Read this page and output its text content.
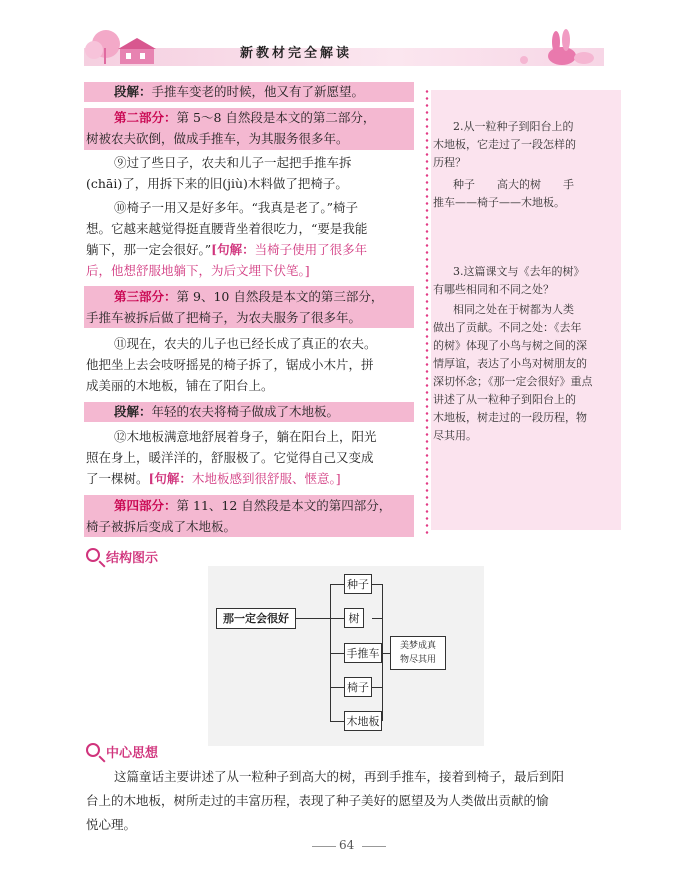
新教材完全解读
2.从一粒种子到阳台上的
木地板，它走过了一段怎样的
历程？
种子　　高大的树　　手
推车——椅子——木地板。
3.这篇课文与《去年的树》
有哪些相同和不同之处？
相同之处在于树都为人类
做出了贡献。不同之处：《去年
的树》体现了小鸟与树之间的深
情厚谊，表达了小鸟对树朋友的
深切怀念；《那一定会很好》重点
讲述了从一粒种子到阳台上的
木地板，树走过的一段历程，物
尽其用。
段解：手推车变老的时候，他又有了新愿望。
第二部分：第 5～8 自然段是本文的第二部分，
树被农夫砍倒，做成手推车，为其服务很多年。
⑨过了些日子，农夫和儿子一起把手推车拆
(chāi)了，用拆下来的旧(jiù)木料做了把椅子。
⑩椅子一用又是好多年。“我真是老了。”椅子
想。它越来越觉得挺直腰背坐着很吃力，“要是我能
躺下，那一定会很好。”[句解：当椅子使用了很多年
后，他想舒服地躺下，为后文埋下伏笔。]
第三部分：第 9、10 自然段是本文的第三部分，
手推车被拆后做了把椅子，为农夫服务了很多年。
⑪现在，农夫的儿子也已经长成了真正的农夫。
他把坐上去会吱呀摇晃的椅子拆了，锯成小木片，拼
成美丽的木地板，铺在了阳台上。
段解：年轻的农夫将椅子做成了木地板。
⑫木地板满意地舒展着身子，躺在阳台上，阳光
照在身上，暖洋洋的，舒服极了。它觉得自己又变成
了一棵树。[句解：木地板感到很舒服、惬意。]
第四部分：第 11、12 自然段是本文的第四部分，
椅子被拆后变成了木地板。
结构图示
那一定会很好
种子
树
手推车
椅子
木地板
美梦成真
物尽其用
中心思想
这篇童话主要讲述了从一粒种子到高大的树，再到手推车，接着到椅子，最后到阳
台上的木地板，树所走过的丰富历程，表现了种子美好的愿望及为人类做出贡献的愉
悦心理。
64
